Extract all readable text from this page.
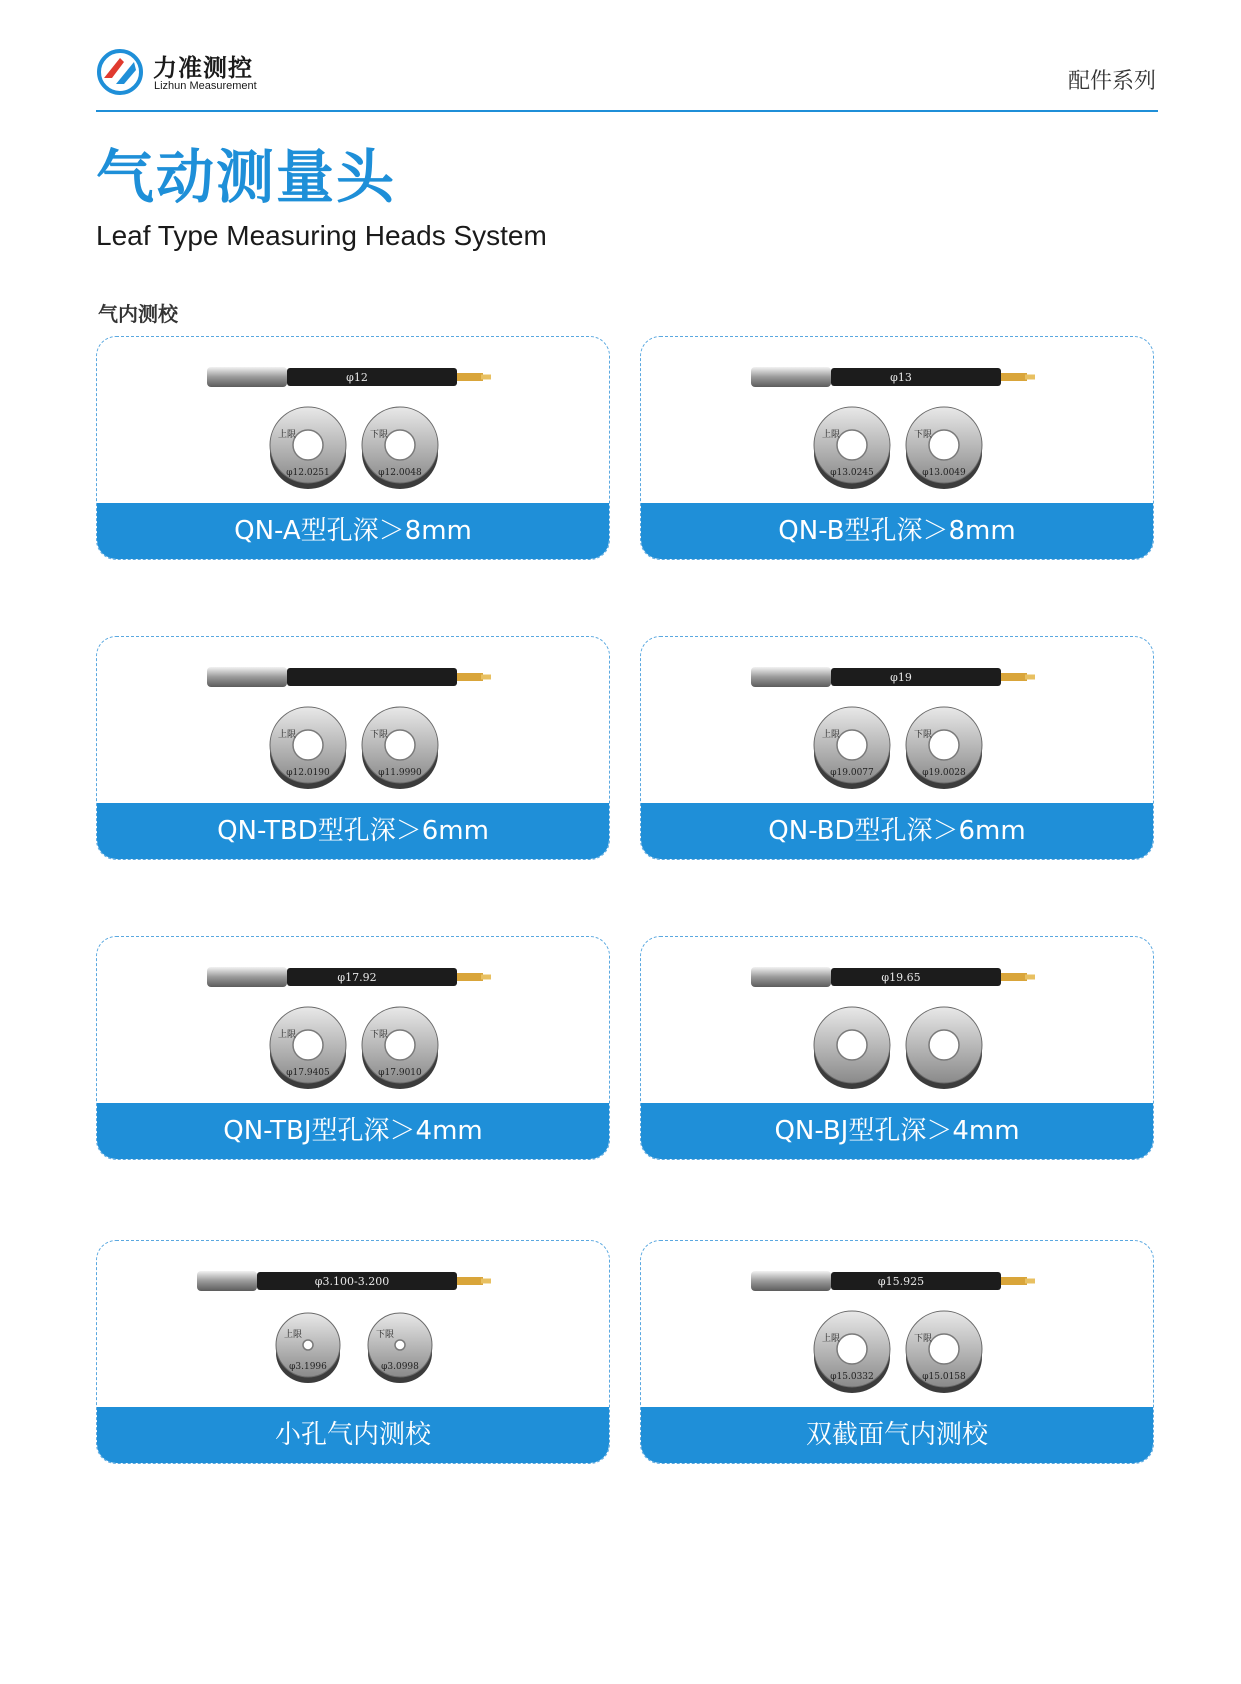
力准测控
Lizhun Measurement	配件系列
气动测量头
Leaf Type Measuring Heads System
气内测校
φ12
上限
φ12.0251
下限
φ12.0048
QN-A型孔深＞8mm
φ13
上限
φ13.0245
下限
φ13.0049
QN-B型孔深＞8mm
上限
φ12.0190
下限
φ11.9990
QN-TBD型孔深＞6mm
φ19
上限
φ19.0077
下限
φ19.0028
QN-BD型孔深＞6mm
φ17.92
上限
φ17.9405
下限
φ17.9010
QN-TBJ型孔深＞4mm
φ19.65
QN-BJ型孔深＞4mm
φ3.100-3.200
上限
φ3.1996
下限
φ3.0998
小孔气内测校
φ15.925
上限
φ15.0332
下限
φ15.0158
双截面气内测校
